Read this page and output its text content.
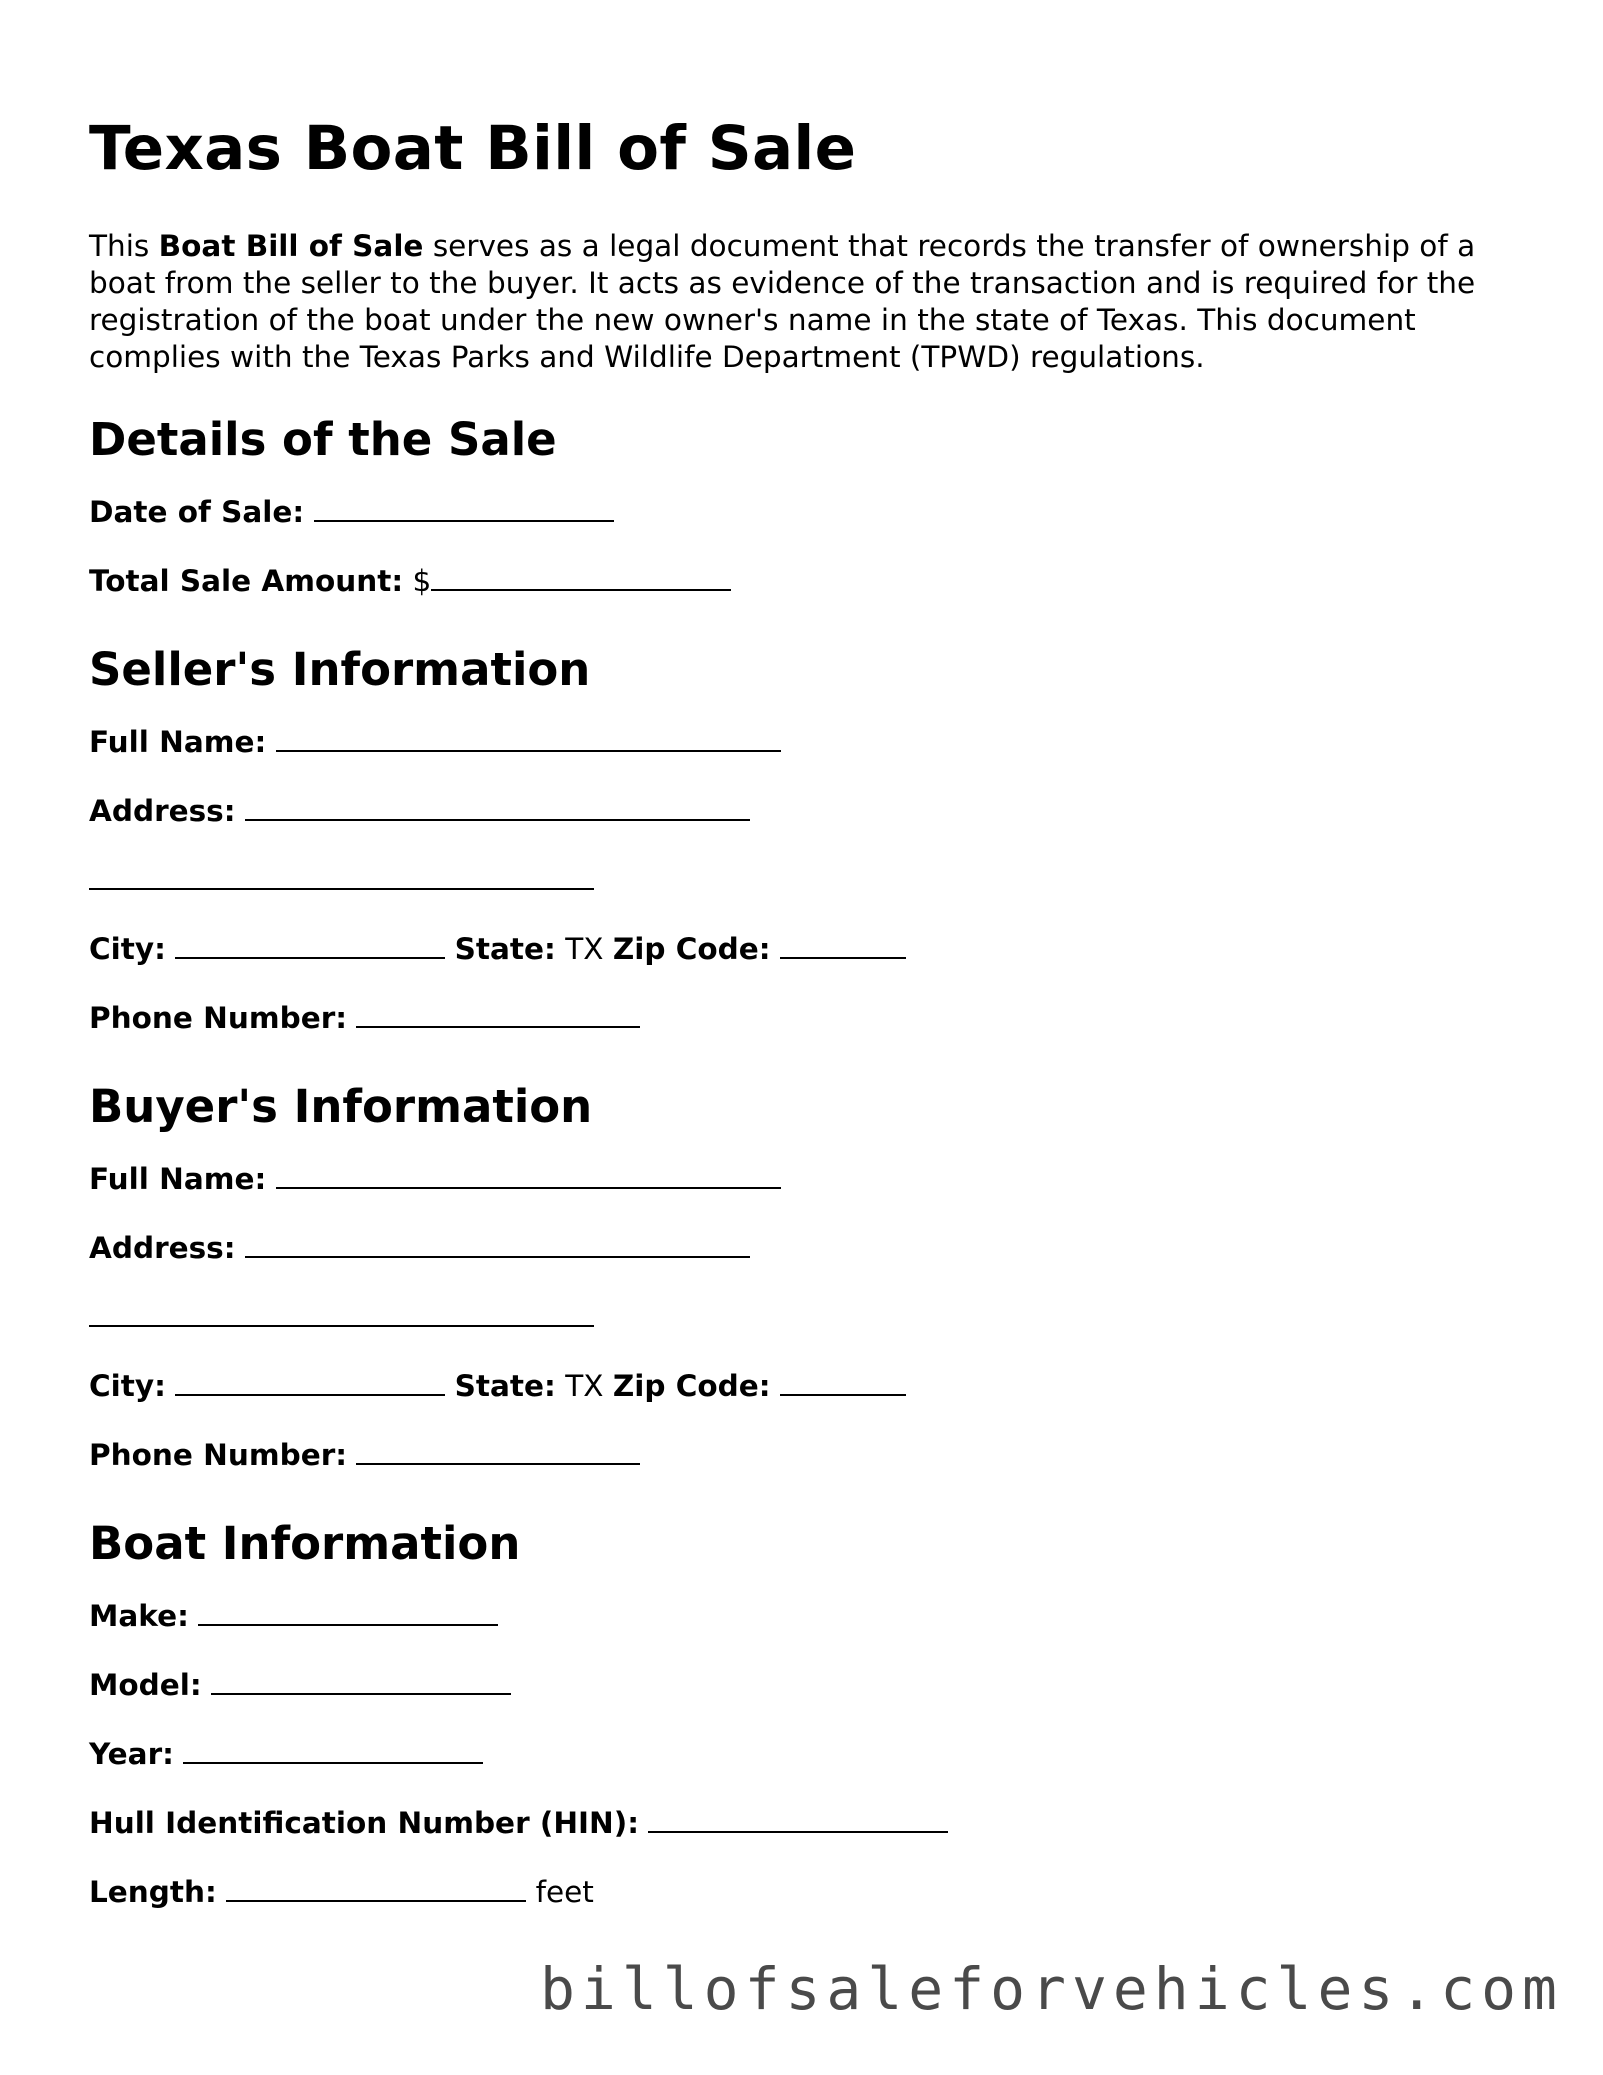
Texas Boat Bill of Sale

This Boat Bill of Sale serves as a legal document that records the transfer of ownership of a boat from the seller to the buyer. It acts as evidence of the transaction and is required for the registration of the boat under the new owner's name in the state of Texas. This document complies with the Texas Parks and Wildlife Department (TPWD) regulations.

Details of the Sale
Date of Sale:
Total Sale Amount: $
Seller's Information
Full Name:
Address:
City:	State: TX Zip Code:
Phone Number:
Buyer's Information
Full Name:
Address:
City:	State: TX Zip Code:
Phone Number:
Boat Information
Make:
Model:
Year:
Hull Identification Number (HIN):
Length:	feet
billofsaleforvehicles.com
